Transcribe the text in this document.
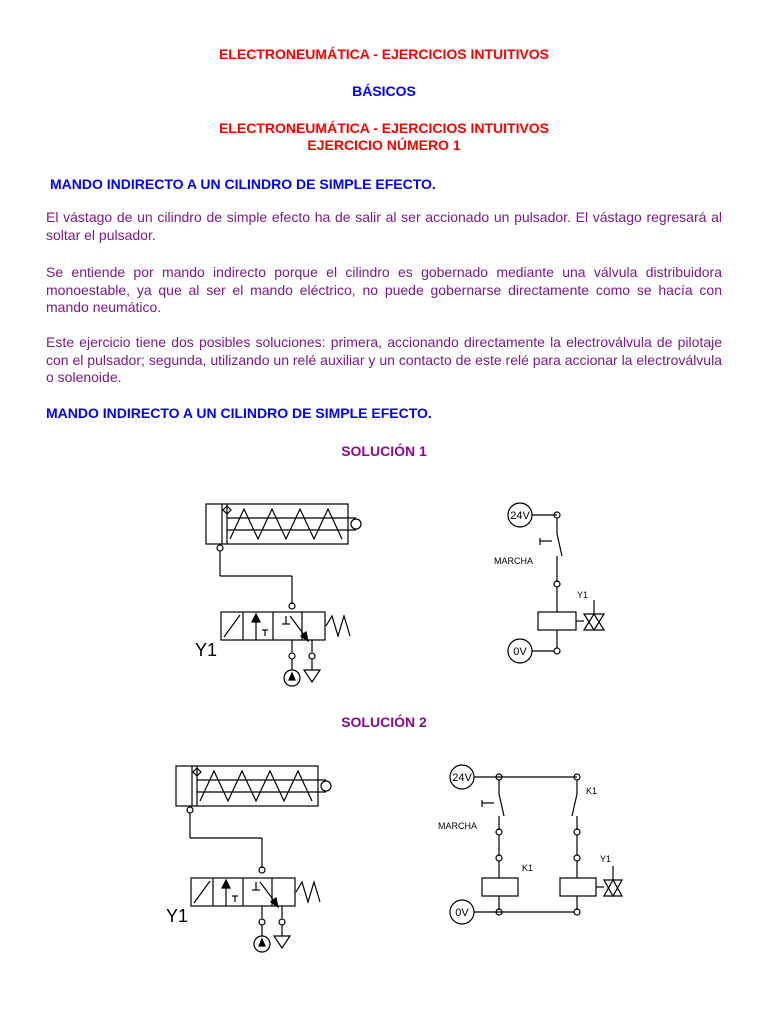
ELECTRONEUMÁTICA - EJERCICIOS INTUITIVOS
BÁSICOS
ELECTRONEUMÁTICA - EJERCICIOS INTUITIVOS
EJERCICIO NÚMERO 1
MANDO INDIRECTO A UN CILINDRO DE SIMPLE EFECTO.

El vástago de un cilindro de simple efecto ha de salir al ser accionado un pulsador. El vástago regresará al soltar el pulsador.

Se entiende por mando indirecto porque el cilindro es gobernado mediante una válvula distribuidora monoestable, ya que al ser el mando eléctrico, no puede gobernarse directamente como se hacía con mando neumático.

Este ejercicio tiene dos posibles soluciones: primera, accionando directamente la electroválvula de pilotaje con el pulsador; segunda, utilizando un relé auxiliar y un contacto de este relé para accionar la electroválvula o solenoide.

MANDO INDIRECTO A UN CILINDRO DE SIMPLE EFECTO.
SOLUCIÓN 1
Y1
24V
0V
MARCHA
Y1
SOLUCIÓN 2
Y1
24V
0V
MARCHA
K1
K1
Y1
